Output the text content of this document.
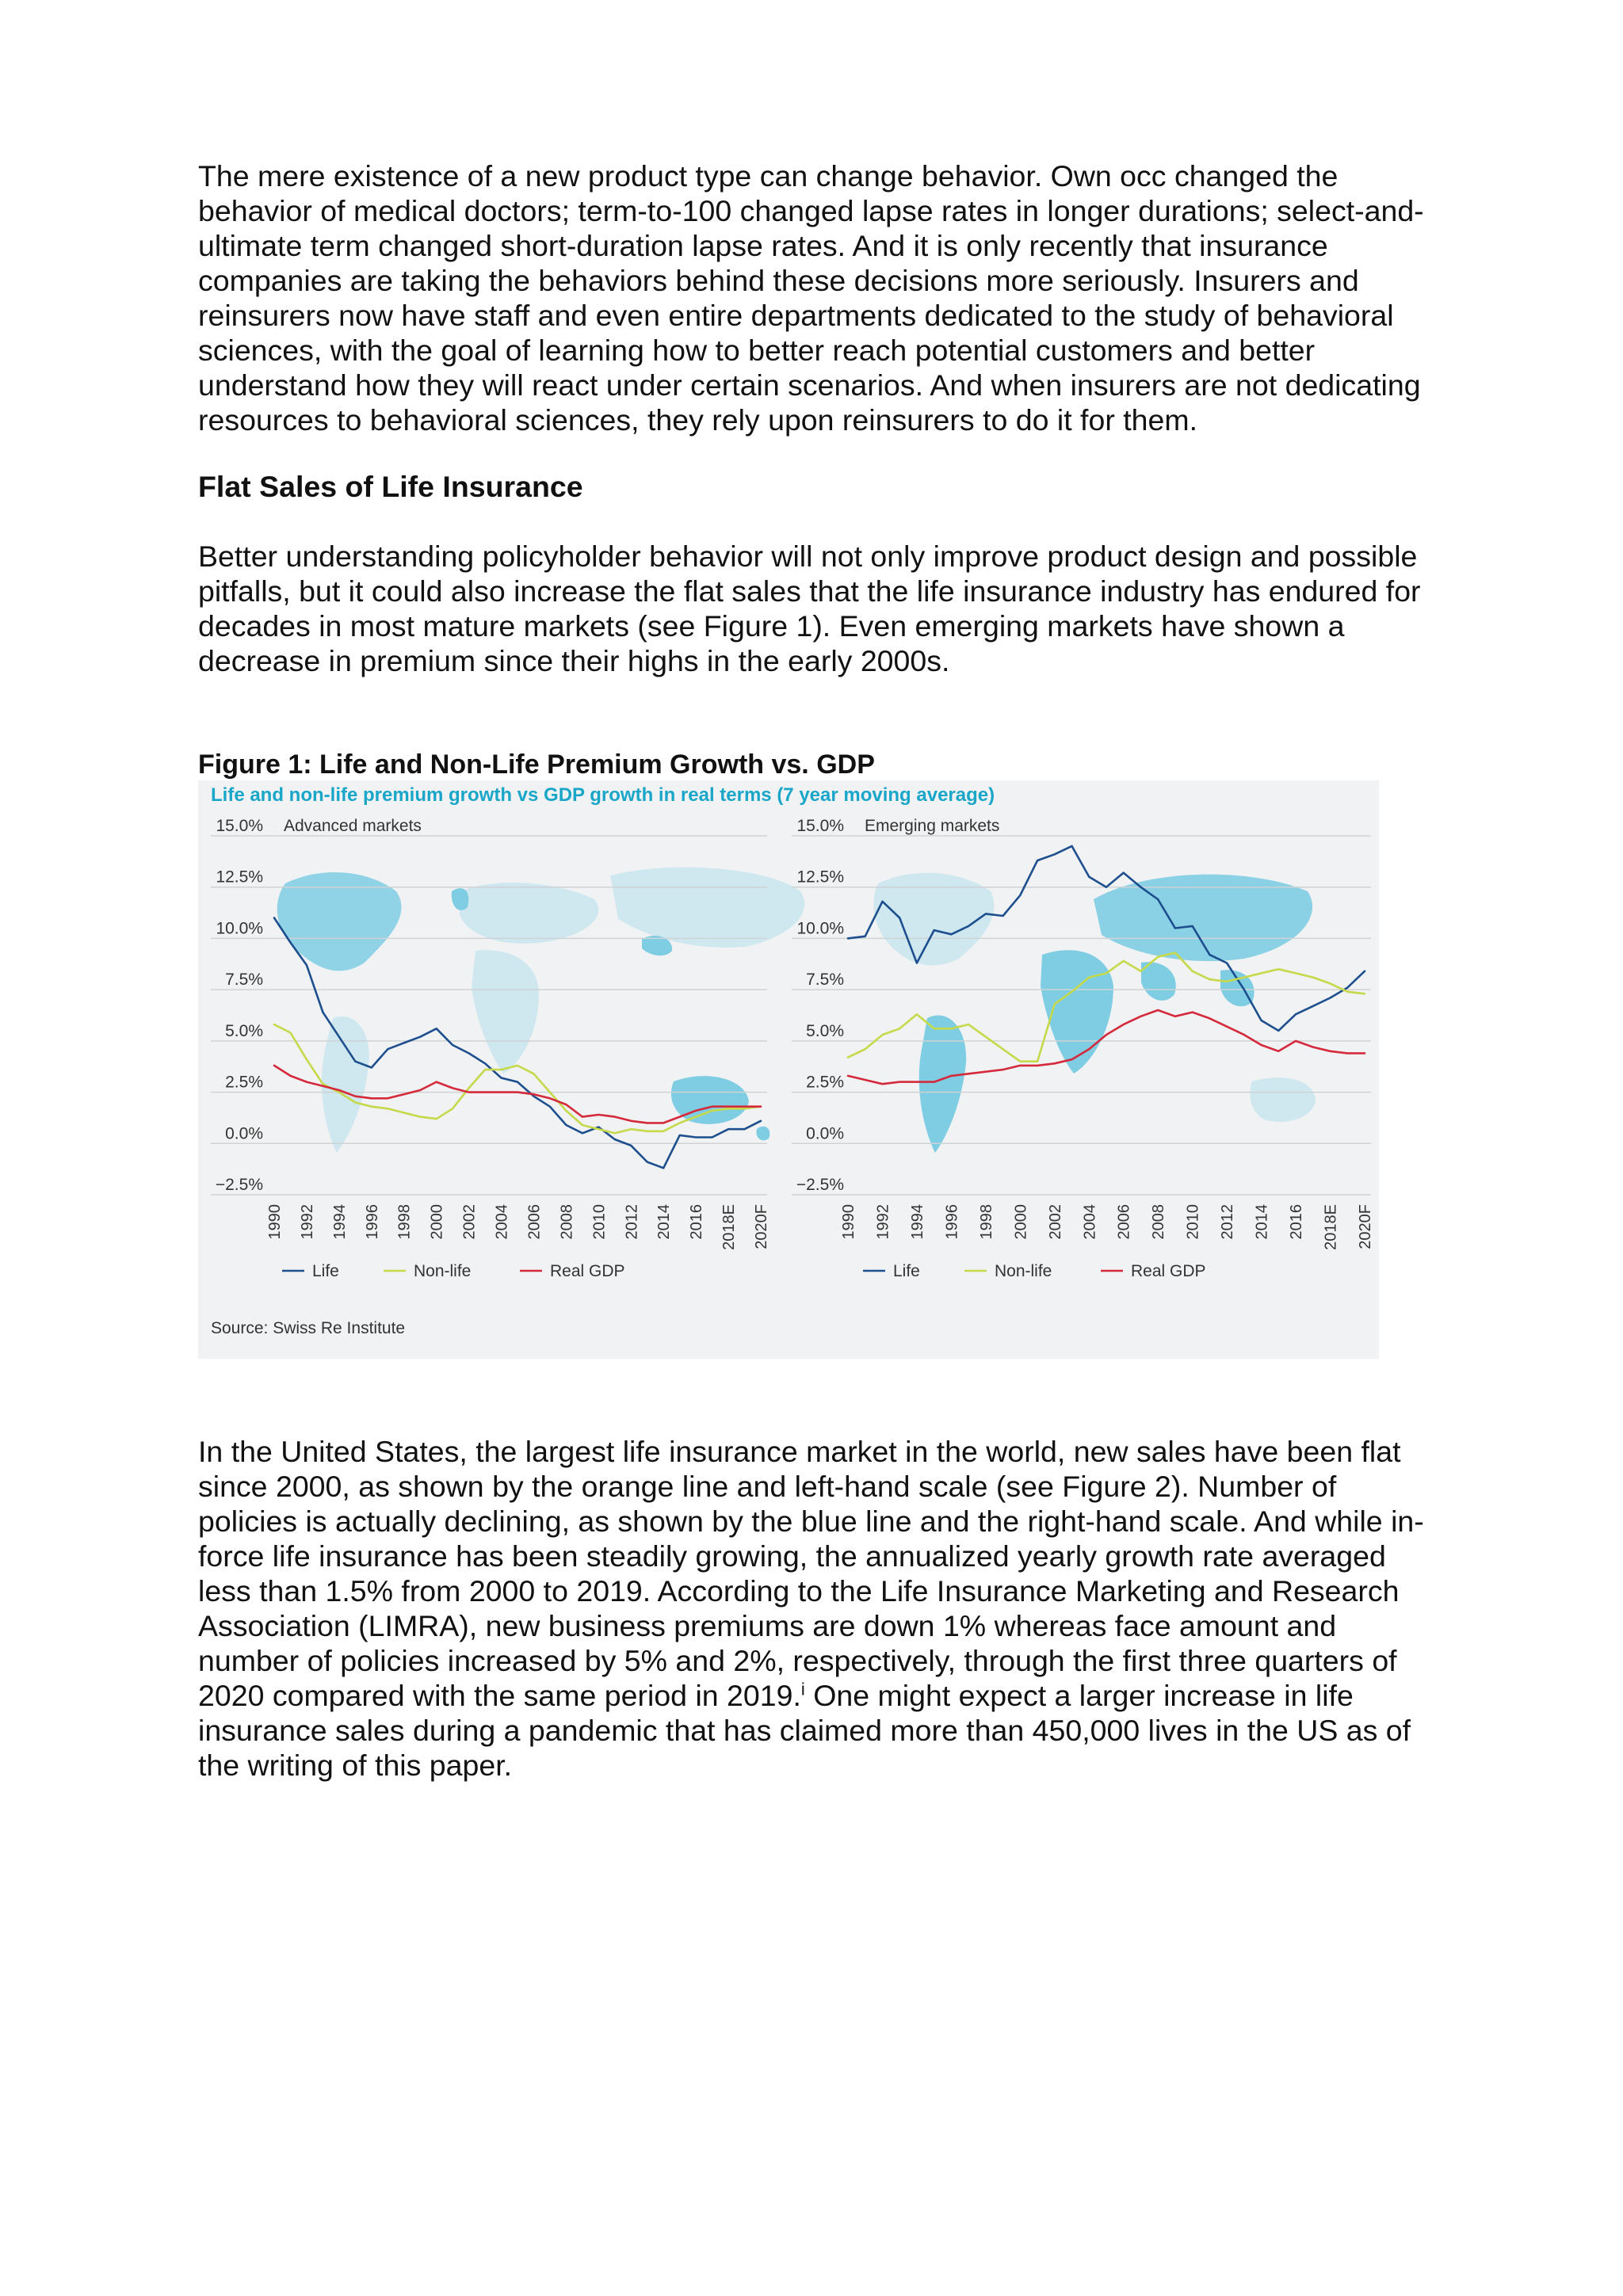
The mere existence of a new product type can change behavior. Own occ changed the behavior of medical doctors; term-to-100 changed lapse rates in longer durations; select-and-ultimate term changed short-duration lapse rates. And it is only recently that insurance companies are taking the behaviors behind these decisions more seriously. Insurers and reinsurers now have staff and even entire departments dedicated to the study of behavioral sciences, with the goal of learning how to better reach potential customers and better understand how they will react under certain scenarios. And when insurers are not dedicating resources to behavioral sciences, they rely upon reinsurers to do it for them.

Flat Sales of Life Insurance

Better understanding policyholder behavior will not only improve product design and possible pitfalls, but it could also increase the flat sales that the life insurance industry has endured for decades in most mature markets (see Figure 1). Even emerging markets have shown a decrease in premium since their highs in the early 2000s.

Figure 1: Life and Non-Life Premium Growth vs. GDP
Life and non-life premium growth vs GDP growth in real terms (7 year moving average)
−2.5%
0.0%
2.5%
5.0%
7.5%
10.0%
12.5%
15.0% Advanced markets
1990 1992 1994 1996 1998 2000 2002 2004 2006 2008 2010 2012 2014 2016 2018E 2020F
Life	Non-life	Real GDP
−2.5%
0.0%
2.5%
5.0%
7.5%
10.0%
12.5%
15.0% Emerging markets
1990 1992 1994 1996 1998 2000 2002 2004 2006 2008 2010 2012 2014 2016 2018E 2020F
Life	Non-life	Real GDP
Source: Swiss Re Institute

In the United States, the largest life insurance market in the world, new sales have been flat since 2000, as shown by the orange line and left-hand scale (see Figure 2). Number of policies is actually declining, as shown by the blue line and the right-hand scale. And while in-force life insurance has been steadily growing, the annualized yearly growth rate averaged less than 1.5% from 2000 to 2019. According to the Life Insurance Marketing and Research Association (LIMRA), new business premiums are down 1% whereas face amount and number of policies increased by 5% and 2%, respectively, through the first three quarters of 2020 compared with the same period in 2019.$^i$ One might expect a larger increase in life insurance sales during a pandemic that has claimed more than 450,000 lives in the US as of the writing of this paper.
